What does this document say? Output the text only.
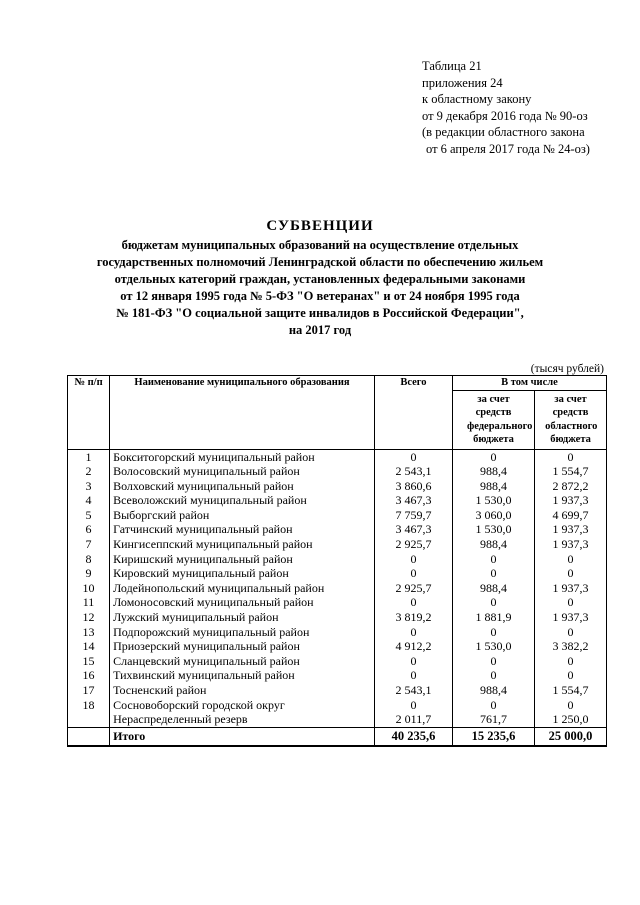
Таблица 21
приложения 24
к областному закону
от 9 декабря 2016 года № 90-оз
(в редакции областного закона
от 6 апреля 2017 года № 24-оз)
СУБВЕНЦИИ
бюджетам муниципальных образований на осуществление отдельных
государственных полномочий Ленинградской области по обеспечению жильем
отдельных категорий граждан, установленных федеральными законами
от 12 января 1995 года № 5-ФЗ "О ветеранах" и от 24 ноября 1995 года
№ 181-ФЗ "О социальной защите инвалидов в Российской Федерации",
на 2017 год
(тысяч рублей)
№ п/п	Наименование муниципального образования	Всего	В том числе	
			за счет средств федерального бюджета	за счет средств областного бюджета
1	Бокситогорский муниципальный район	0	0	0
2	Волосовский муниципальный район	2 543,1	988,4	1 554,7
3	Волховский муниципальный район	3 860,6	988,4	2 872,2
4	Всеволожский муниципальный район	3 467,3	1 530,0	1 937,3
5	Выборгский район	7 759,7	3 060,0	4 699,7
6	Гатчинский муниципальный район	3 467,3	1 530,0	1 937,3
7	Кингисеппский муниципальный район	2 925,7	988,4	1 937,3
8	Киришский муниципальный район	0	0	0
9	Кировский муниципальный район	0	0	0
10	Лодейнопольский муниципальный район	2 925,7	988,4	1 937,3
11	Ломоносовский муниципальный район	0	0	0
12	Лужский муниципальный район	3 819,2	1 881,9	1 937,3
13	Подпорожский муниципальный район	0	0	0
14	Приозерский муниципальный район	4 912,2	1 530,0	3 382,2
15	Сланцевский муниципальный район	0	0	0
16	Тихвинский муниципальный район	0	0	0
17	Тосненский район	2 543,1	988,4	1 554,7
18	Сосновоборский городской округ	0	0	0
	Нераспределенный резерв	2 011,7	761,7	1 250,0
	Итого	40 235,6	15 235,6	25 000,0
